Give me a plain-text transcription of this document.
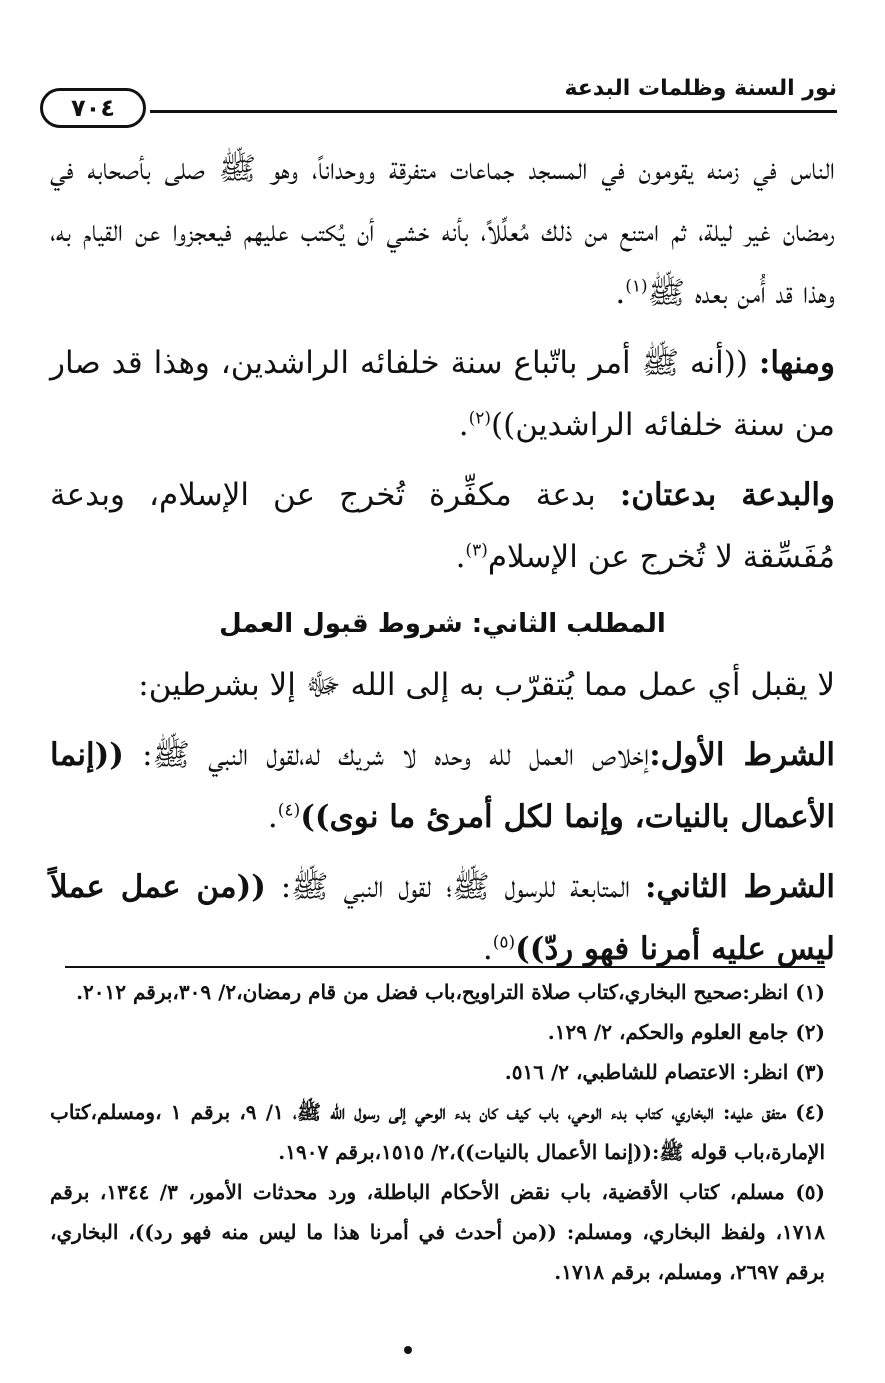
نور السنة وظلمات البدعة
٧٠٤

الناس في زمنه يقومون في المسجد جماعات متفرقة ووحداناً، وهو ﷺ صلى بأصحابه في رمضان غير ليلة، ثم امتنع من ذلك مُعلِّلاً، بأنه خشي أن يُكتب عليهم فيعجزوا عن القيام به، وهذا قد أُمن بعده ﷺ$^{(١)}$.

ومنها: ((أنه ﷺ أمر باتّباع سنة خلفائه الراشدين، وهذا قد صار من سنة خلفائه الراشدين))$^{(٢)}$.

والبدعة بدعتان: بدعة مكفِّرة تُخرج عن الإسلام، وبدعة مُفَسِّقة لا تُخرج عن الإسلام$^{(٣)}$.

المطلب الثاني: شروط قبول العمل

لا يقبل أي عمل مما يُتقرّب به إلى الله ﷻ إلا بشرطين:

الشرط الأول:إخلاص العمل لله وحده لا شريك له،لقول النبي ﷺ: ((إنما الأعمال بالنيات، وإنما لكل أمرئ ما نوى))$^{(٤)}$.

الشرط الثاني: المتابعة للرسول ﷺ؛ لقول النبي ﷺ: ((من عمل عملاً ليس عليه أمرنا فهو ردّ))$^{(٥)}$.

(١) انظر:صحيح البخاري،كتاب صلاة التراويح،باب فضل من قام رمضان،٢/ ٣٠٩،برقم ٢٠١٢.

(٢) جامع العلوم والحكم، ٢/ ١٢٩.

(٣) انظر: الاعتصام للشاطبي، ٢/ ٥١٦.

(٤) متفق عليه: البخاري، كتاب بدء الوحي، باب كيف كان بدء الوحي إلى رسول الله ﷺ، ١/ ٩، برقم ١ ،ومسلم،كتاب الإمارة،باب قوله ﷺ:((إنما الأعمال بالنيات))،٢/ ١٥١٥،برقم ١٩٠٧.

(٥) مسلم، كتاب الأقضية، باب نقض الأحكام الباطلة، ورد محدثات الأمور، ٣/ ١٣٤٤، برقم ١٧١٨، ولفظ البخاري، ومسلم: ((من أحدث في أمرنا هذا ما ليس منه فهو رد))، البخاري، برقم ٢٦٩٧، ومسلم، برقم ١٧١٨.
